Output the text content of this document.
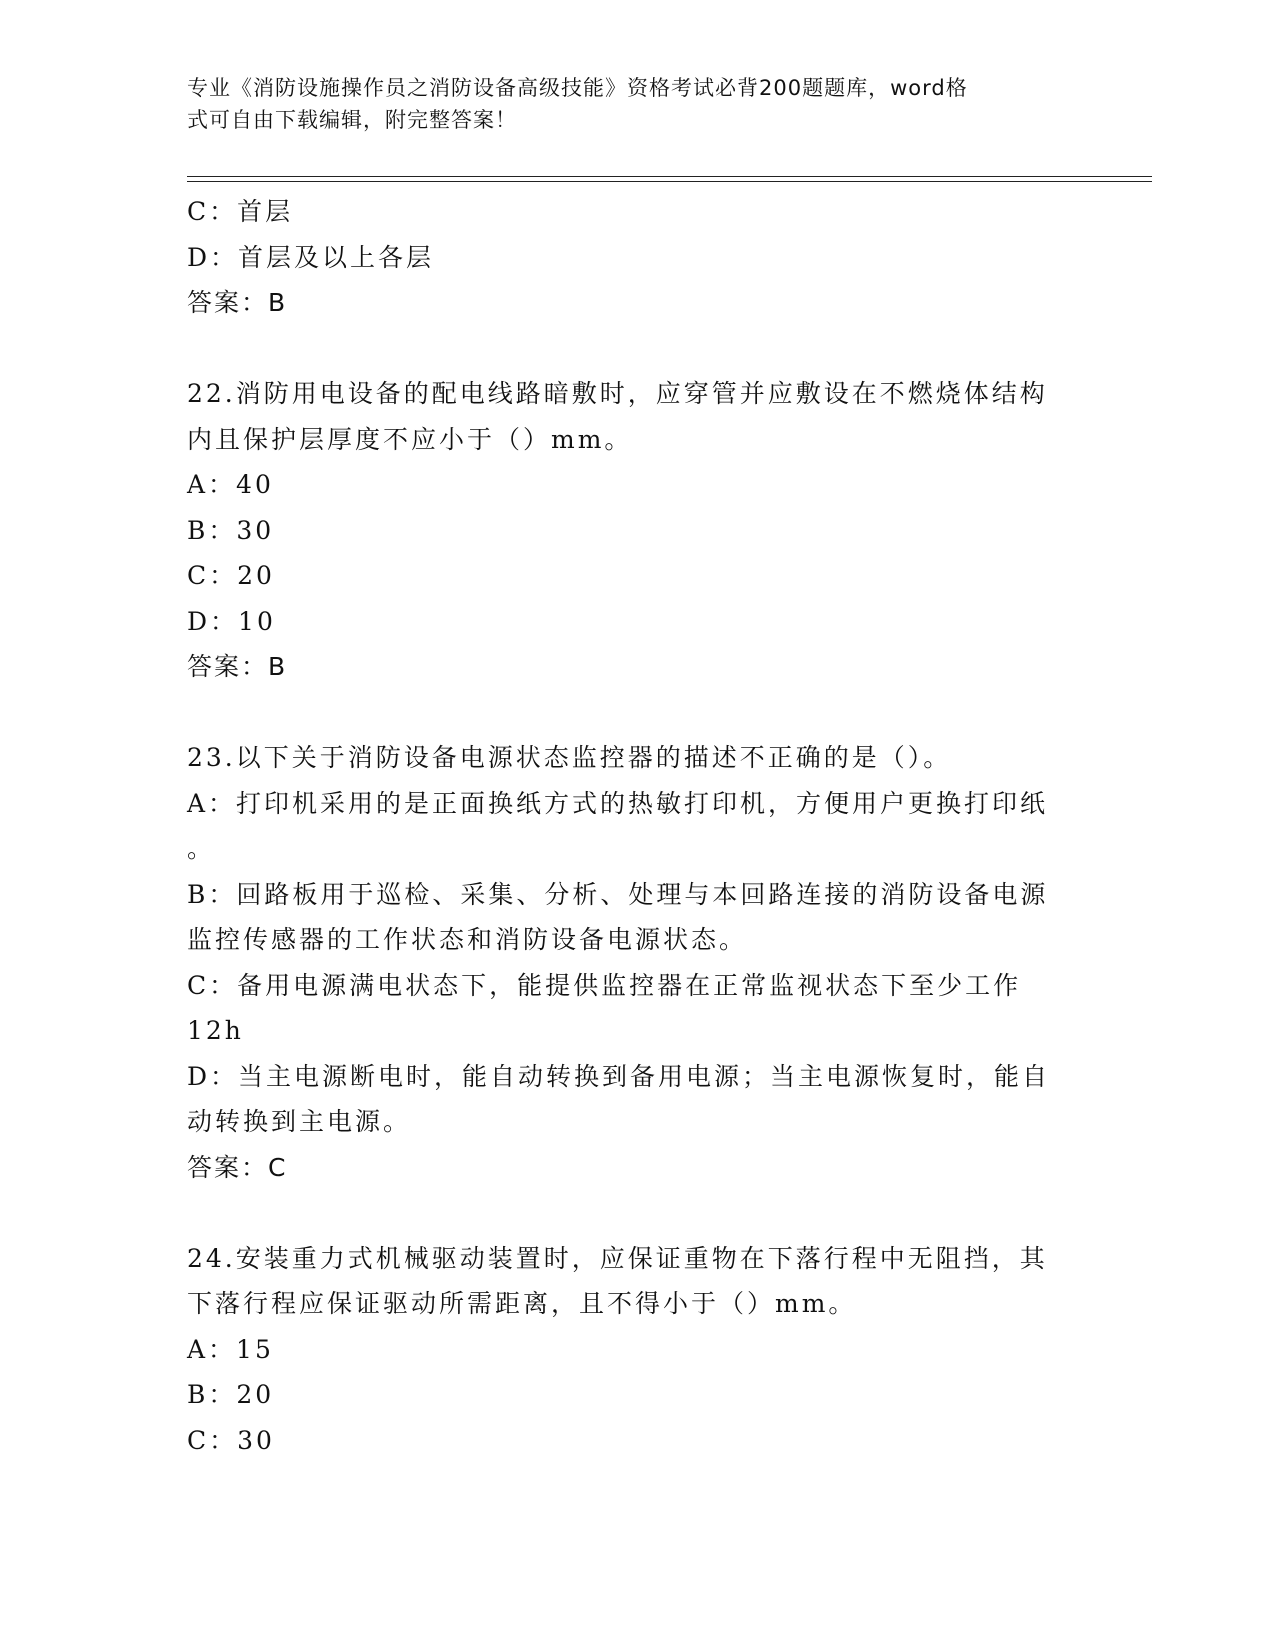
专业《消防设施操作员之消防设备高级技能》资格考试必背200题题库，word格
式可自由下载编辑，附完整答案！
C：首层
D：首层及以上各层
答案：B
22.消防用电设备的配电线路暗敷时，应穿管并应敷设在不燃烧体结构
内且保护层厚度不应小于（）mm。
A：40
B：30
C：20
D：10
答案：B
23.以下关于消防设备电源状态监控器的描述不正确的是（）。
A：打印机采用的是正面换纸方式的热敏打印机，方便用户更换打印纸
。
B：回路板用于巡检、采集、分析、处理与本回路连接的消防设备电源
监控传感器的工作状态和消防设备电源状态。
C：备用电源满电状态下，能提供监控器在正常监视状态下至少工作
12h
D：当主电源断电时，能自动转换到备用电源；当主电源恢复时，能自
动转换到主电源。
答案：C
24.安装重力式机械驱动装置时，应保证重物在下落行程中无阻挡，其
下落行程应保证驱动所需距离，且不得小于（）mm。
A：15
B：20
C：30
